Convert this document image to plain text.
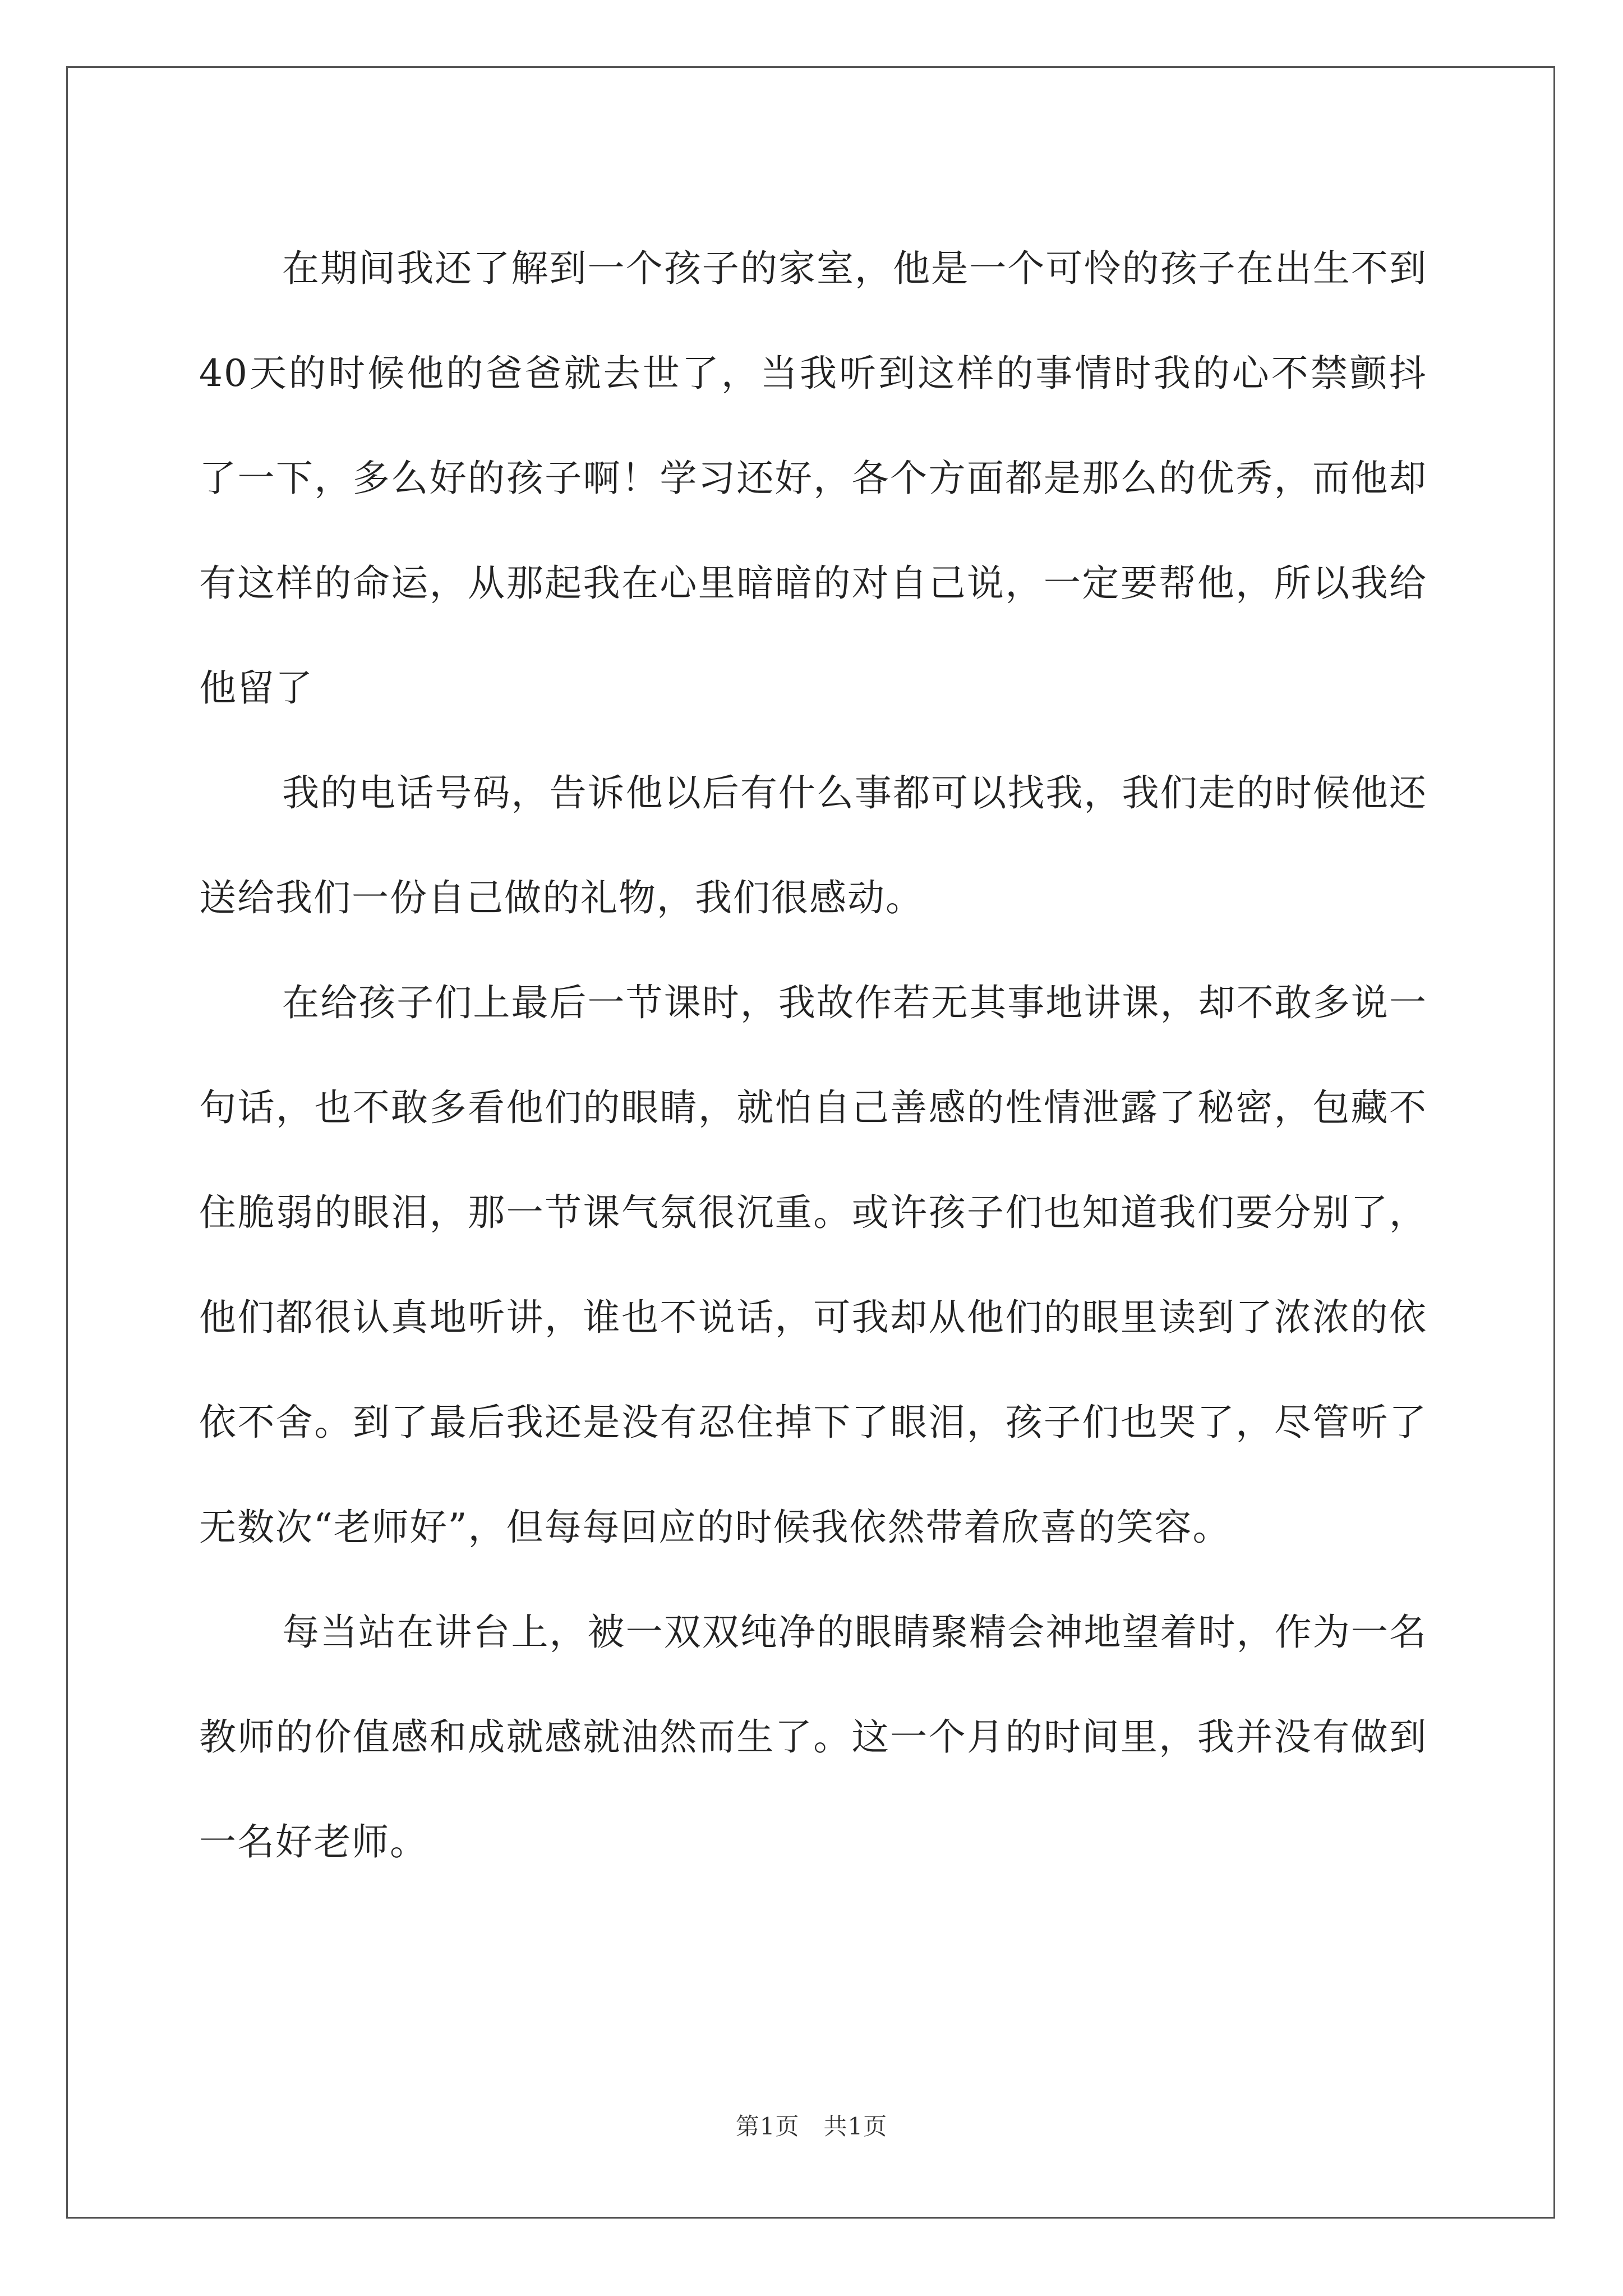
在期间我还了解到一个孩子的家室，他是一个可怜的孩子在出生不到40天的时候他的爸爸就去世了，当我听到这样的事情时我的心不禁颤抖了一下，多么好的孩子啊！学习还好，各个方面都是那么的优秀，而他却有这样的命运，从那起我在心里暗暗的对自己说，一定要帮他，所以我给他留了

我的电话号码，告诉他以后有什么事都可以找我，我们走的时候他还送给我们一份自己做的礼物，我们很感动。

在给孩子们上最后一节课时，我故作若无其事地讲课，却不敢多说一句话，也不敢多看他们的眼睛，就怕自己善感的性情泄露了秘密，包藏不住脆弱的眼泪，那一节课气氛很沉重。或许孩子们也知道我们要分别了，他们都很认真地听讲，谁也不说话，可我却从他们的眼里读到了浓浓的依依不舍。到了最后我还是没有忍住掉下了眼泪，孩子们也哭了，尽管听了无数次“老师好”，但每每回应的时候我依然带着欣喜的笑容。

每当站在讲台上，被一双双纯净的眼睛聚精会神地望着时，作为一名教师的价值感和成就感就油然而生了。这一个月的时间里，我并没有做到一名好老师。

第1页　共1页
